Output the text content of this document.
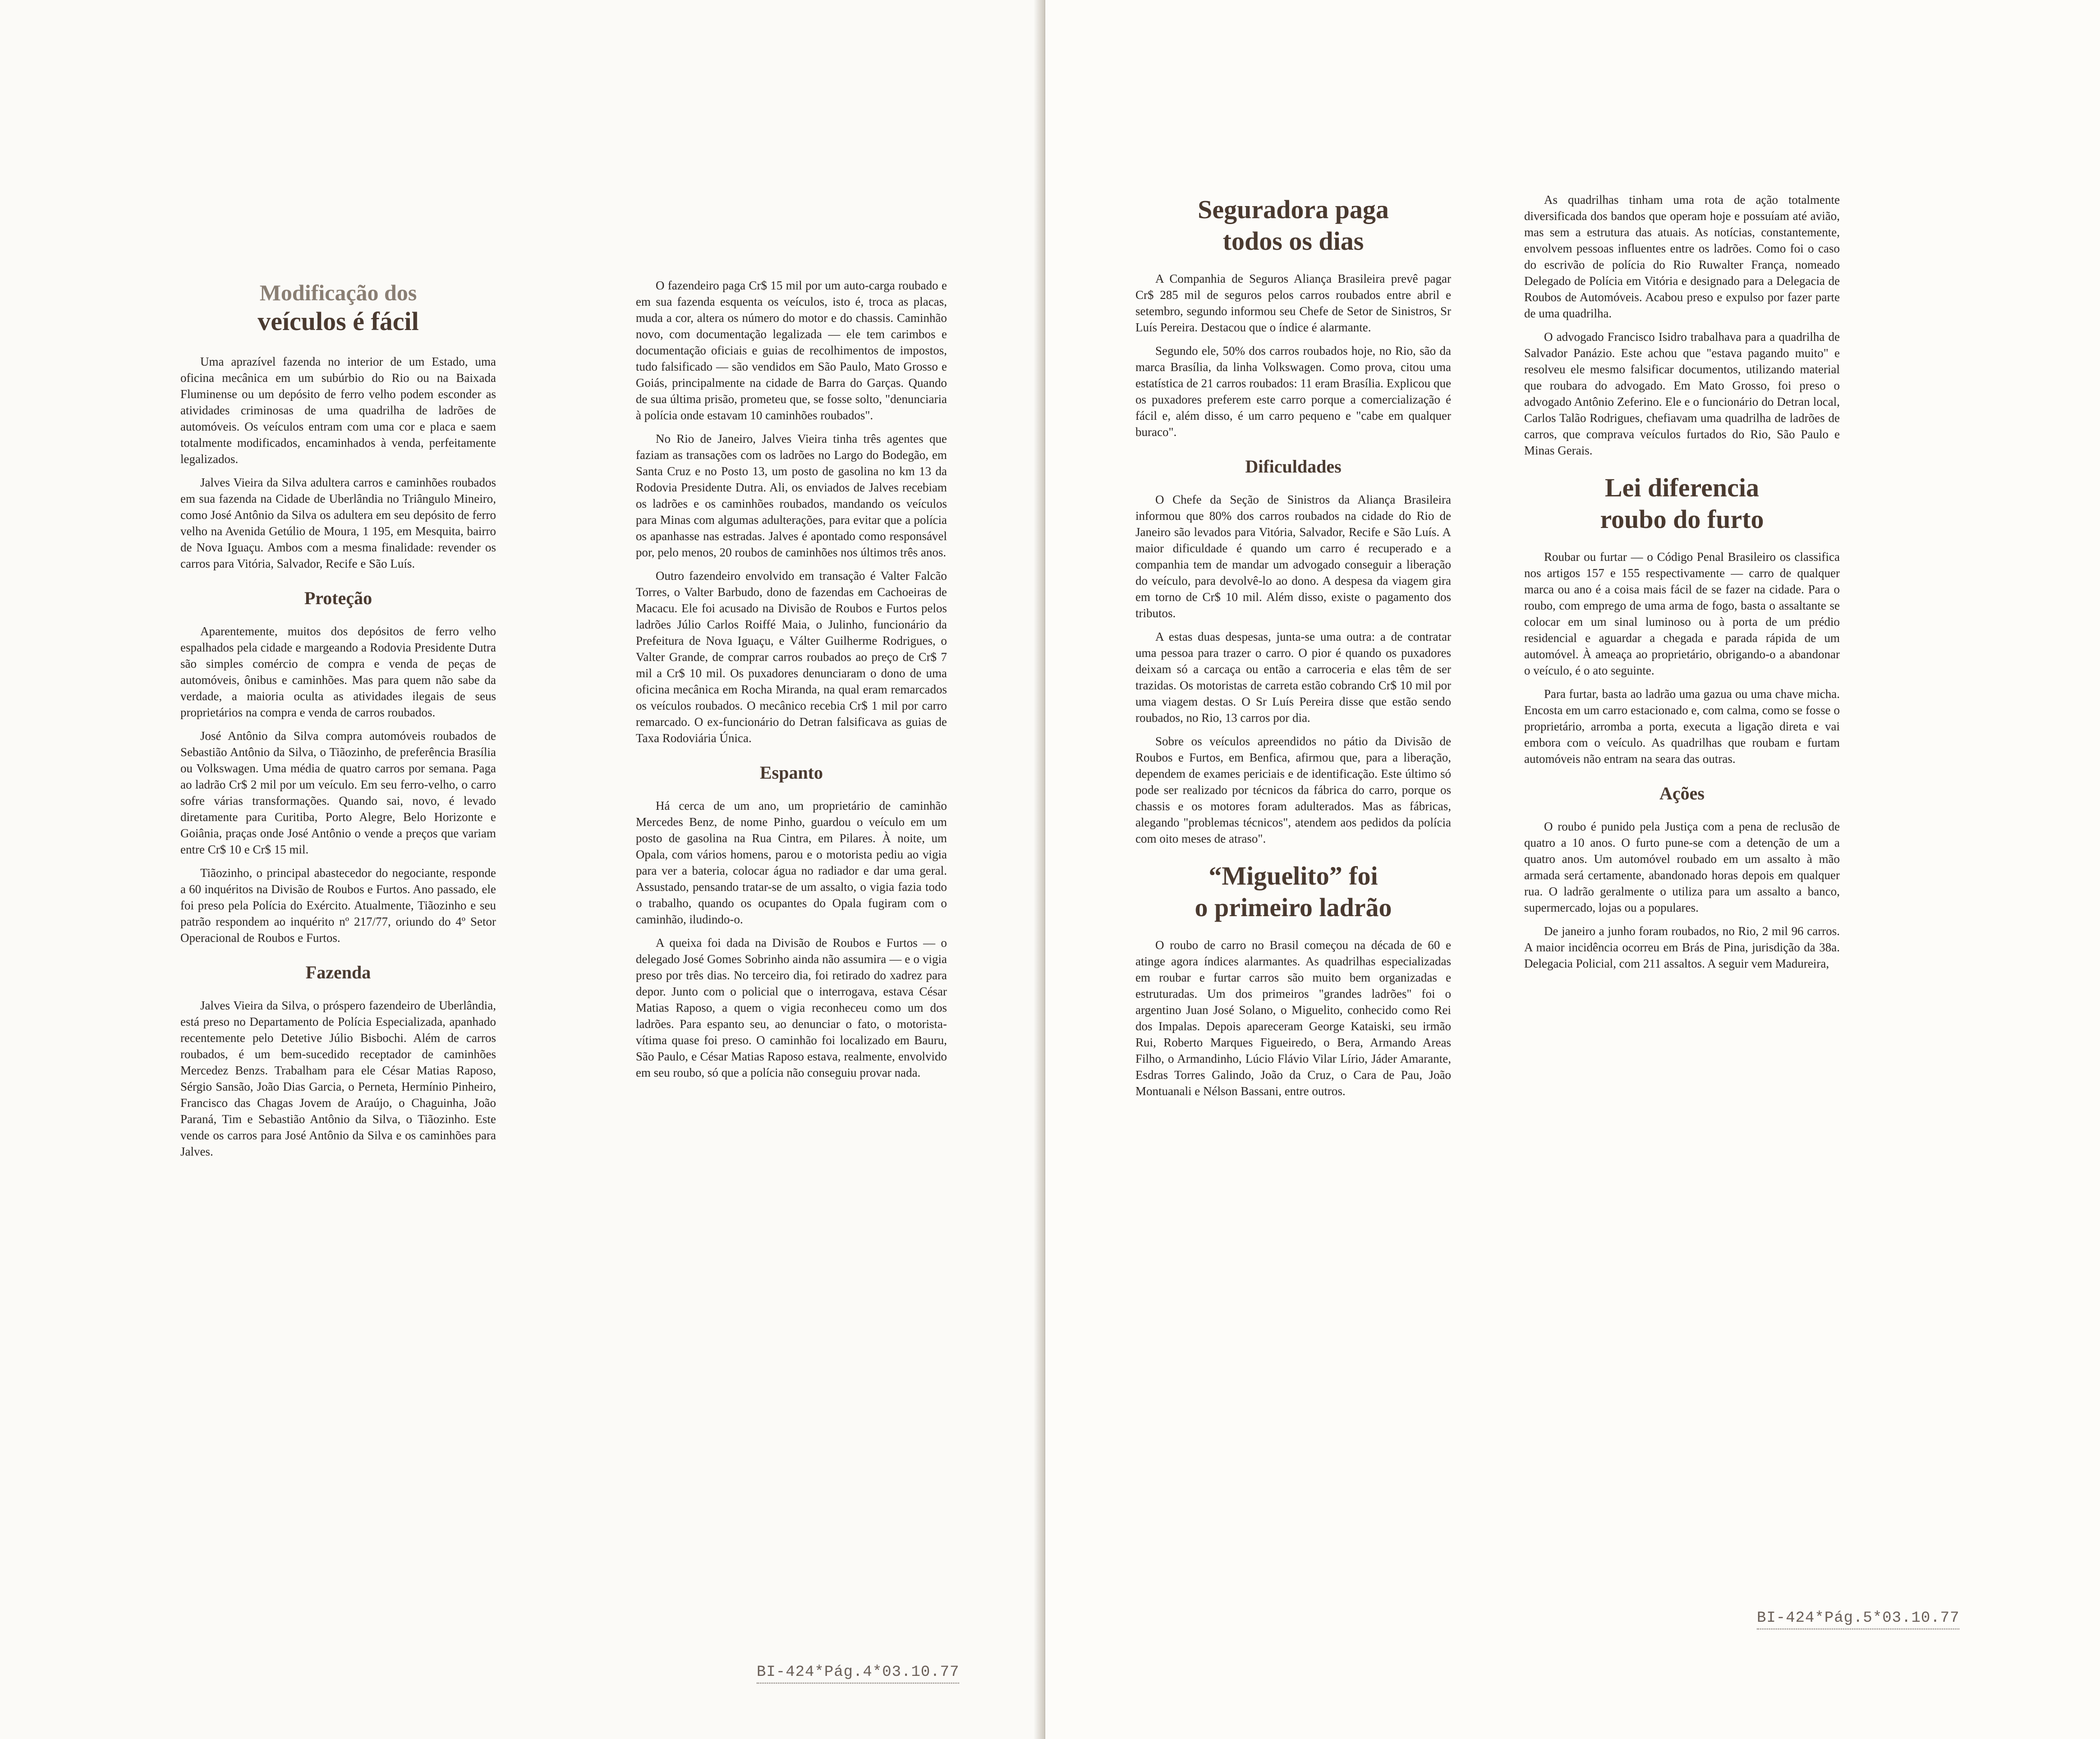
Modificação dos
veículos é fácil

Uma aprazível fazenda no interior de um Estado, uma oficina mecânica em um subúrbio do Rio ou na Baixada Fluminense ou um depósito de ferro velho podem esconder as atividades criminosas de uma quadrilha de ladrões de automóveis. Os veículos entram com uma cor e placa e saem totalmente modificados, encaminhados à venda, perfeitamente legalizados.

Jalves Vieira da Silva adultera carros e caminhões roubados em sua fazenda na Cidade de Uberlândia no Triângulo Mineiro, como José Antônio da Silva os adultera em seu depósito de ferro velho na Avenida Getúlio de Moura, 1 195, em Mesquita, bairro de Nova Iguaçu. Ambos com a mesma finalidade: revender os carros para Vitória, Salvador, Recife e São Luís.

Proteção

Aparentemente, muitos dos depósitos de ferro velho espalhados pela cidade e margeando a Rodovia Presidente Dutra são simples comércio de compra e venda de peças de automóveis, ônibus e caminhões. Mas para quem não sabe da verdade, a maioria oculta as atividades ilegais de seus proprietários na compra e venda de carros roubados.

José Antônio da Silva compra automóveis roubados de Sebastião Antônio da Silva, o Tiãozinho, de preferência Brasília ou Volkswagen. Uma média de quatro carros por semana. Paga ao ladrão Cr$ 2 mil por um veículo. Em seu ferro-velho, o carro sofre várias transformações. Quando sai, novo, é levado diretamente para Curitiba, Porto Alegre, Belo Horizonte e Goiânia, praças onde José Antônio o vende a preços que variam entre Cr$ 10 e Cr$ 15 mil.

Tiãozinho, o principal abastecedor do negociante, responde a 60 inquéritos na Divisão de Roubos e Furtos. Ano passado, ele foi preso pela Polícia do Exército. Atualmente, Tiãozinho e seu patrão respondem ao inquérito nº 217/77, oriundo do 4º Setor Operacional de Roubos e Furtos.

Fazenda

Jalves Vieira da Silva, o próspero fazendeiro de Uberlândia, está preso no Departamento de Polícia Especializada, apanhado recentemente pelo Detetive Júlio Bisbochi. Além de carros roubados, é um bem-sucedido receptador de caminhões Mercedez Benzs. Trabalham para ele César Matias Raposo, Sérgio Sansão, João Dias Garcia, o Perneta, Hermínio Pinheiro, Francisco das Chagas Jovem de Araújo, o Chaguinha, João Paraná, Tim e Sebastião Antônio da Silva, o Tiãozinho. Este vende os carros para José Antônio da Silva e os caminhões para Jalves.

O fazendeiro paga Cr$ 15 mil por um auto-carga roubado e em sua fazenda esquenta os veículos, isto é, troca as placas, muda a cor, altera os número do motor e do chassis. Caminhão novo, com documentação legalizada — ele tem carimbos e documentação oficiais e guias de recolhimentos de impostos, tudo falsificado — são vendidos em São Paulo, Mato Grosso e Goiás, principalmente na cidade de Barra do Garças. Quando de sua última prisão, prometeu que, se fosse solto, "denunciaria à polícia onde estavam 10 caminhões roubados".

No Rio de Janeiro, Jalves Vieira tinha três agentes que faziam as transações com os ladrões no Largo do Bodegão, em Santa Cruz e no Posto 13, um posto de gasolina no km 13 da Rodovia Presidente Dutra. Ali, os enviados de Jalves recebiam os ladrões e os caminhões roubados, mandando os veículos para Minas com algumas adulterações, para evitar que a polícia os apanhasse nas estradas. Jalves é apontado como responsável por, pelo menos, 20 roubos de caminhões nos últimos três anos.

Outro fazendeiro envolvido em transação é Valter Falcão Torres, o Valter Barbudo, dono de fazendas em Cachoeiras de Macacu. Ele foi acusado na Divisão de Roubos e Furtos pelos ladrões Júlio Carlos Roiffé Maia, o Julinho, funcionário da Prefeitura de Nova Iguaçu, e Válter Guilherme Rodrigues, o Valter Grande, de comprar carros roubados ao preço de Cr$ 7 mil a Cr$ 10 mil. Os puxadores denunciaram o dono de uma oficina mecânica em Rocha Miranda, na qual eram remarcados os veículos roubados. O mecânico recebia Cr$ 1 mil por carro remarcado. O ex-funcionário do Detran falsificava as guias de Taxa Rodoviária Única.

Espanto

Há cerca de um ano, um proprietário de caminhão Mercedes Benz, de nome Pinho, guardou o veículo em um posto de gasolina na Rua Cintra, em Pilares. À noite, um Opala, com vários homens, parou e o motorista pediu ao vigia para ver a bateria, colocar água no radiador e dar uma geral. Assustado, pensando tratar-se de um assalto, o vigia fazia todo o trabalho, quando os ocupantes do Opala fugiram com o caminhão, iludindo-o.

A queixa foi dada na Divisão de Roubos e Furtos — o delegado José Gomes Sobrinho ainda não assumira — e o vigia preso por três dias. No terceiro dia, foi retirado do xadrez para depor. Junto com o policial que o interrogava, estava César Matias Raposo, a quem o vigia reconheceu como um dos ladrões. Para espanto seu, ao denunciar o fato, o motorista-vítima quase foi preso. O caminhão foi localizado em Bauru, São Paulo, e César Matias Raposo estava, realmente, envolvido em seu roubo, só que a polícia não conseguiu provar nada.

BI-424*Pág.4*03.10.77
Seguradora paga
todos os dias

A Companhia de Seguros Aliança Brasileira prevê pagar Cr$ 285 mil de seguros pelos carros roubados entre abril e setembro, segundo informou seu Chefe de Setor de Sinistros, Sr Luís Pereira. Destacou que o índice é alarmante.

Segundo ele, 50% dos carros roubados hoje, no Rio, são da marca Brasília, da linha Volkswagen. Como prova, citou uma estatística de 21 carros roubados: 11 eram Brasília. Explicou que os puxadores preferem este carro porque a comercialização é fácil e, além disso, é um carro pequeno e "cabe em qualquer buraco".

Dificuldades

O Chefe da Seção de Sinistros da Aliança Brasileira informou que 80% dos carros roubados na cidade do Rio de Janeiro são levados para Vitória, Salvador, Recife e São Luís. A maior dificuldade é quando um carro é recuperado e a companhia tem de mandar um advogado conseguir a liberação do veículo, para devolvê-lo ao dono. A despesa da viagem gira em torno de Cr$ 10 mil. Além disso, existe o pagamento dos tributos.

A estas duas despesas, junta-se uma outra: a de contratar uma pessoa para trazer o carro. O pior é quando os puxadores deixam só a carcaça ou então a carroceria e elas têm de ser trazidas. Os motoristas de carreta estão cobrando Cr$ 10 mil por uma viagem destas. O Sr Luís Pereira disse que estão sendo roubados, no Rio, 13 carros por dia.

Sobre os veículos apreendidos no pátio da Divisão de Roubos e Furtos, em Benfica, afirmou que, para a liberação, dependem de exames periciais e de identificação. Este último só pode ser realizado por técnicos da fábrica do carro, porque os chassis e os motores foram adulterados. Mas as fábricas, alegando "problemas técnicos", atendem aos pedidos da polícia com oito meses de atraso".

“Miguelito” foi
o primeiro ladrão

O roubo de carro no Brasil começou na década de 60 e atinge agora índices alarmantes. As quadrilhas especializadas em roubar e furtar carros são muito bem organizadas e estruturadas. Um dos primeiros "grandes ladrões" foi o argentino Juan José Solano, o Miguelito, conhecido como Rei dos Impalas. Depois apareceram George Kataiski, seu irmão Rui, Roberto Marques Figueiredo, o Bera, Armando Areas Filho, o Armandinho, Lúcio Flávio Vilar Lírio, Jáder Amarante, Esdras Torres Galindo, João da Cruz, o Cara de Pau, João Montuanali e Nélson Bassani, entre outros.

As quadrilhas tinham uma rota de ação totalmente diversificada dos bandos que operam hoje e possuíam até avião, mas sem a estrutura das atuais. As notícias, constantemente, envolvem pessoas influentes entre os ladrões. Como foi o caso do escrivão de polícia do Rio Ruwalter França, nomeado Delegado de Polícia em Vitória e designado para a Delegacia de Roubos de Automóveis. Acabou preso e expulso por fazer parte de uma quadrilha.

O advogado Francisco Isidro trabalhava para a quadrilha de Salvador Panázio. Este achou que "estava pagando muito" e resolveu ele mesmo falsificar documentos, utilizando material que roubara do advogado. Em Mato Grosso, foi preso o advogado Antônio Zeferino. Ele e o funcionário do Detran local, Carlos Talão Rodrigues, chefiavam uma quadrilha de ladrões de carros, que comprava veículos furtados do Rio, São Paulo e Minas Gerais.

Lei diferencia
roubo do furto

Roubar ou furtar — o Código Penal Brasileiro os classifica nos artigos 157 e 155 respectivamente — carro de qualquer marca ou ano é a coisa mais fácil de se fazer na cidade. Para o roubo, com emprego de uma arma de fogo, basta o assaltante se colocar em um sinal luminoso ou à porta de um prédio residencial e aguardar a chegada e parada rápida de um automóvel. À ameaça ao proprietário, obrigando-o a abandonar o veículo, é o ato seguinte.

Para furtar, basta ao ladrão uma gazua ou uma chave micha. Encosta em um carro estacionado e, com calma, como se fosse o proprietário, arromba a porta, executa a ligação direta e vai embora com o veículo. As quadrilhas que roubam e furtam automóveis não entram na seara das outras.

Ações

O roubo é punido pela Justiça com a pena de reclusão de quatro a 10 anos. O furto pune-se com a detenção de um a quatro anos. Um automóvel roubado em um assalto à mão armada será certamente, abandonado horas depois em qualquer rua. O ladrão geralmente o utiliza para um assalto a banco, supermercado, lojas ou a populares.

De janeiro a junho foram roubados, no Rio, 2 mil 96 carros. A maior incidência ocorreu em Brás de Pina, jurisdição da 38a. Delegacia Policial, com 211 assaltos. A seguir vem Madureira,

BI-424*Pág.5*03.10.77
